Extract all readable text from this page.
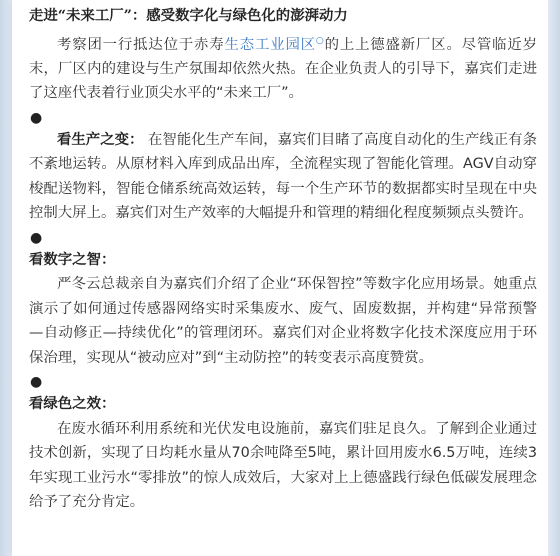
走进“未来工厂”：感受数字化与绿色化的澎湃动力

考察团一行抵达位于赤寿生态工业园区○的上上德盛新厂区。尽管临近岁末，厂区内的建设与生产氛围却依然火热。在企业负责人的引导下，嘉宾们走进了这座代表着行业顶尖水平的“未来工厂”。

●

看生产之变： 在智能化生产车间，嘉宾们目睹了高度自动化的生产线正有条不紊地运转。从原材料入库到成品出库，全流程实现了智能化管理。AGV自动穿梭配送物料，智能仓储系统高效运转，每一个生产环节的数据都实时呈现在中央控制大屏上。嘉宾们对生产效率的大幅提升和管理的精细化程度频频点头赞许。

●

看数字之智：

严冬云总裁亲自为嘉宾们介绍了企业“环保智控”等数字化应用场景。她重点演示了如何通过传感器网络实时采集废水、废气、固废数据，并构建“异常预警—自动修正—持续优化”的管理闭环。嘉宾们对企业将数字化技术深度应用于环保治理，实现从“被动应对”到“主动防控”的转变表示高度赞赏。

●

看绿色之效：

在废水循环利用系统和光伏发电设施前，嘉宾们驻足良久。了解到企业通过技术创新，实现了日均耗水量从70余吨降至5吨，累计回用废水6.5万吨，连续3年实现工业污水“零排放”的惊人成效后，大家对上上德盛践行绿色低碳发展理念给予了充分肯定。
